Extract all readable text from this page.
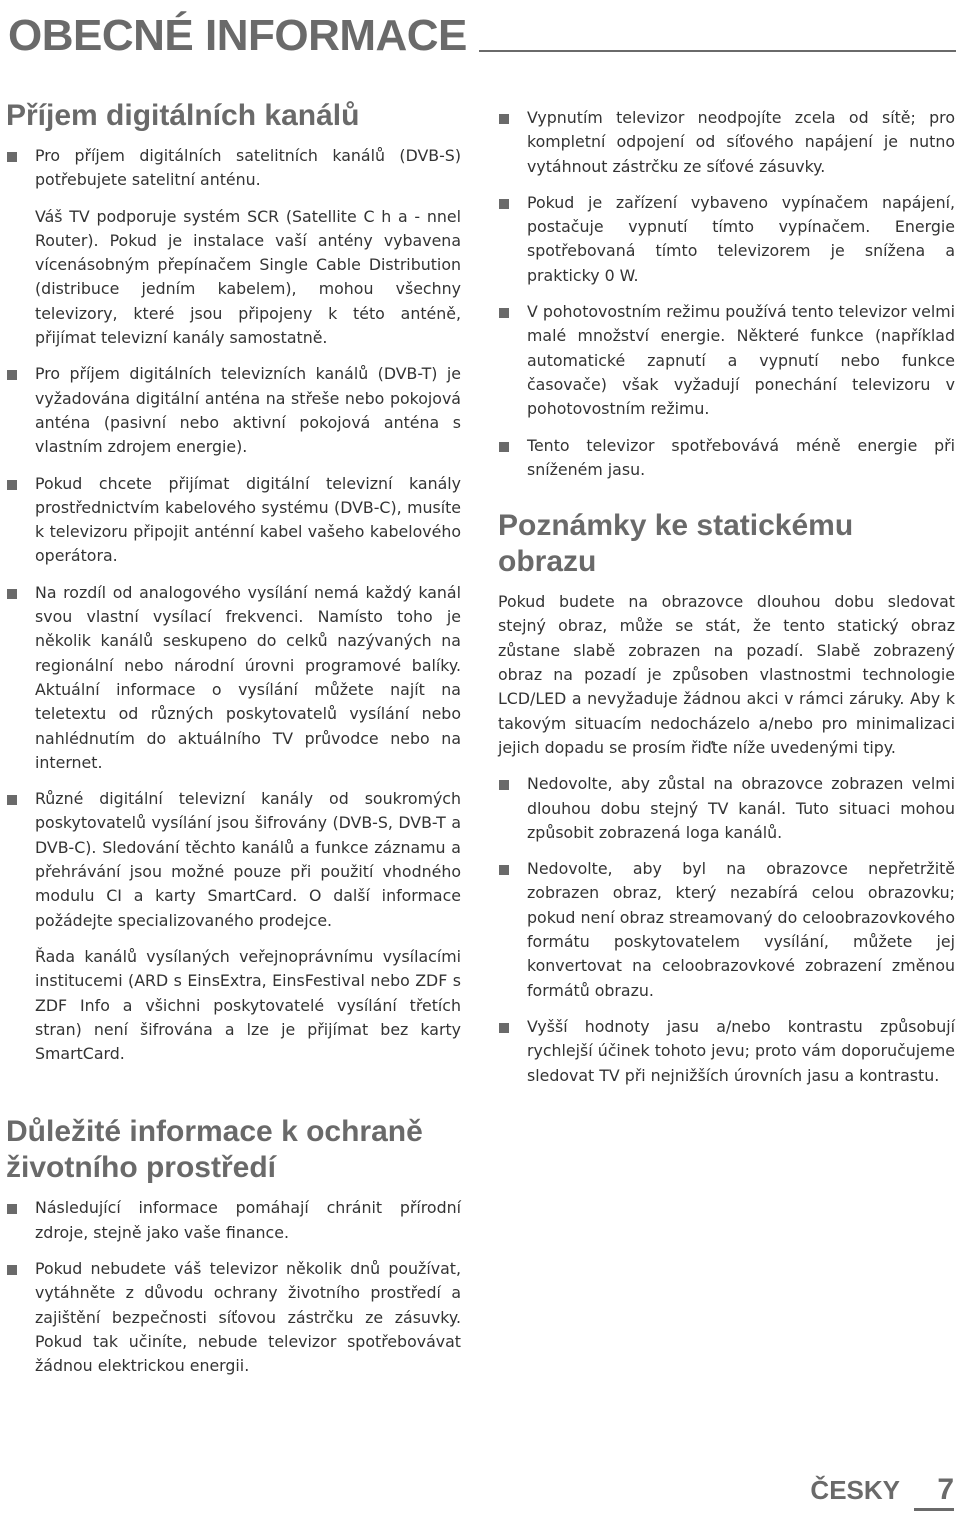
OBECNÉ INFORMACE
Příjem digitálních kanálů
Pro příjem digitálních satelitních kanálů (DVB-S) potřebujete satelitní anténu.
Váš TV podporuje systém SCR (Satellite C h a - nnel Router). Pokud je instalace vaší antény vybavena vícenásobným přepínačem Single Cable Distribution (distribuce jedním kabelem), mohou všechny televizory, které jsou připojeny k této anténě, přijímat televizní kanály samostatně.
Pro příjem digitálních televizních kanálů (DVB-T) je vyžadována digitální anténa na střeše nebo pokojová anténa (pasivní nebo aktivní pokojová anténa s vlastním zdrojem energie).
Pokud chcete přijímat digitální televizní kanály prostřednictvím kabelového systému (DVB-C), musíte k televizoru připojit anténní kabel vašeho kabelového operátora.
Na rozdíl od analogového vysílání nemá každý kanál svou vlastní vysílací frekvenci. Namísto toho je několik kanálů seskupeno do celků nazývaných na regionální nebo národní úrovni programové balíky. Aktuální informace o vysílání můžete najít na teletextu od různých poskytovatelů vysílání nebo nahlédnutím do aktuálního TV průvodce nebo na internet.
Různé digitální televizní kanály od soukromých poskytovatelů vysílání jsou šifrovány (DVB-S, DVB-T a DVB-C). Sledování těchto kanálů a funkce záznamu a přehrávání jsou možné pouze při použití vhodného modulu CI a karty SmartCard. O další informace požádejte specializovaného prodejce.
Řada kanálů vysílaných veřejnoprávnímu vysílacími institucemi (ARD s EinsExtra, EinsFestival nebo ZDF s ZDF Info a všichni poskytovatelé vysílání třetích stran) není šifrována a lze je přijímat bez karty SmartCard.
Důležité informace k ochraně životního prostředí
Následující informace pomáhají chránit přírodní zdroje, stejně jako vaše finance.
Pokud nebudete váš televizor několik dnů používat, vytáhněte z důvodu ochrany životního prostředí a zajištění bezpečnosti síťovou zástrčku ze zásuvky. Pokud tak učiníte, nebude televizor spotřebovávat žádnou elektrickou energii.
Vypnutím televizor neodpojíte zcela od sítě; pro kompletní odpojení od síťového napájení je nutno vytáhnout zástrčku ze síťové zásuvky.
Pokud je zařízení vybaveno vypínačem napájení, postačuje vypnutí tímto vypínačem. Energie spotřebovaná tímto televizorem je snížena a prakticky 0 W.
V pohotovostním režimu používá tento televizor velmi malé množství energie. Některé funkce (například automatické zapnutí a vypnutí nebo funkce časovače) však vyžadují ponechání televizoru v pohotovostním režimu.
Tento televizor spotřebovává méně energie při sníženém jasu.
Poznámky ke statickému obrazu

Pokud budete na obrazovce dlouhou dobu sledovat stejný obraz, může se stát, že tento statický obraz zůstane slabě zobrazen na pozadí. Slabě zobrazený obraz na pozadí je způsoben vlastnostmi technologie LCD/LED a nevyžaduje žádnou akci v rámci záruky. Aby k takovým situacím nedocházelo a/nebo pro minimalizaci jejich dopadu se prosím řiďte níže uvedenými tipy.

Nedovolte, aby zůstal na obrazovce zobrazen velmi dlouhou dobu stejný TV kanál. Tuto situaci mohou způsobit zobrazená loga kanálů.
Nedovolte, aby byl na obrazovce nepřetržitě zobrazen obraz, který nezabírá celou obrazovku; pokud není obraz streamovaný do celoobrazovkového formátu poskytovatelem vysílání, můžete jej konvertovat na celoobrazovkové zobrazení změnou formátů obrazu.
Vyšší hodnoty jasu a/nebo kontrastu způsobují rychlejší účinek tohoto jevu; proto vám doporučujeme sledovat TV při nejnižších úrovních jasu a kontrastu.
ČESKY	7
